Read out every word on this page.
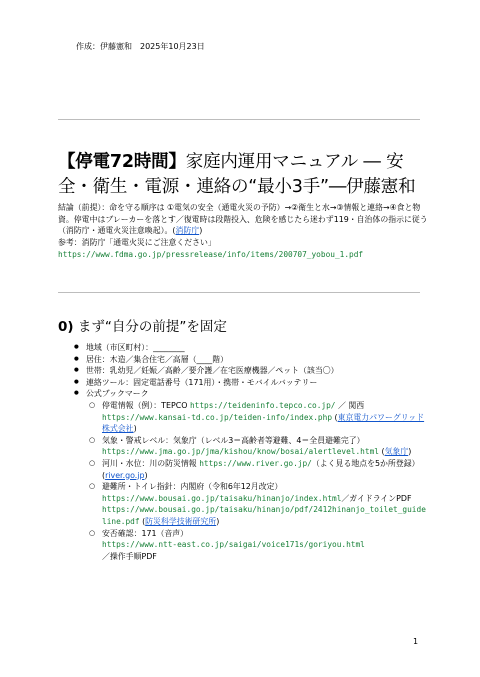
作成：伊藤憲和　2025年10月23日
【停電72時間】家庭内運用マニュアル ― 安全・衛生・電源・連絡の“最小3手”―伊藤憲和
結論（前提）：命を守る順序は ①電気の安全（通電火災の予防）→②衛生と水→③情報と連絡→④食と物資。停電中はブレーカーを落とす／復電時は段階投入、危険を感じたら迷わず119・自治体の指示に従う（消防庁・通電火災注意喚起）。(消防庁)
参考：消防庁「通電火災にご注意ください」
https://www.fdma.go.jp/pressrelease/info/items/200707_yobou_1.pdf
0) まず“自分の前提”を固定
● 地域（市区町村）：________
● 居住：木造／集合住宅／高層（____階）
● 世帯：乳幼児／妊娠／高齢／要介護／在宅医療機器／ペット（該当〇）
● 連絡ツール：固定電話番号（171用）・携帯・モバイルバッテリー
● 公式ブックマーク
○ 停電情報（例）：TEPCO https://teideninfo.tepco.co.jp/ ／ 関西
https://www.kansai-td.co.jp/teiden-info/index.php (東京電力パワーグリッド株式会社)
○ 気象・警戒レベル：気象庁（レベル3＝高齢者等避難、4＝全員避難完了）
https://www.jma.go.jp/jma/kishou/know/bosai/alertlevel.html (気象庁)
○ 河川・水位：川の防災情報 https://www.river.go.jp/（よく見る地点を5か所登録）(river.go.jp)
○ 避難所・トイレ指針：内閣府（令和6年12月改定）
https://www.bousai.go.jp/taisaku/hinanjo/index.html／ガイドラインPDF
https://www.bousai.go.jp/taisaku/hinanjo/pdf/2412hinanjo_toilet_guideline.pdf (防災科学技術研究所)
○ 安否確認：171（音声）
https://www.ntt-east.co.jp/saigai/voice171s/goriyou.html
／操作手順PDF
1
